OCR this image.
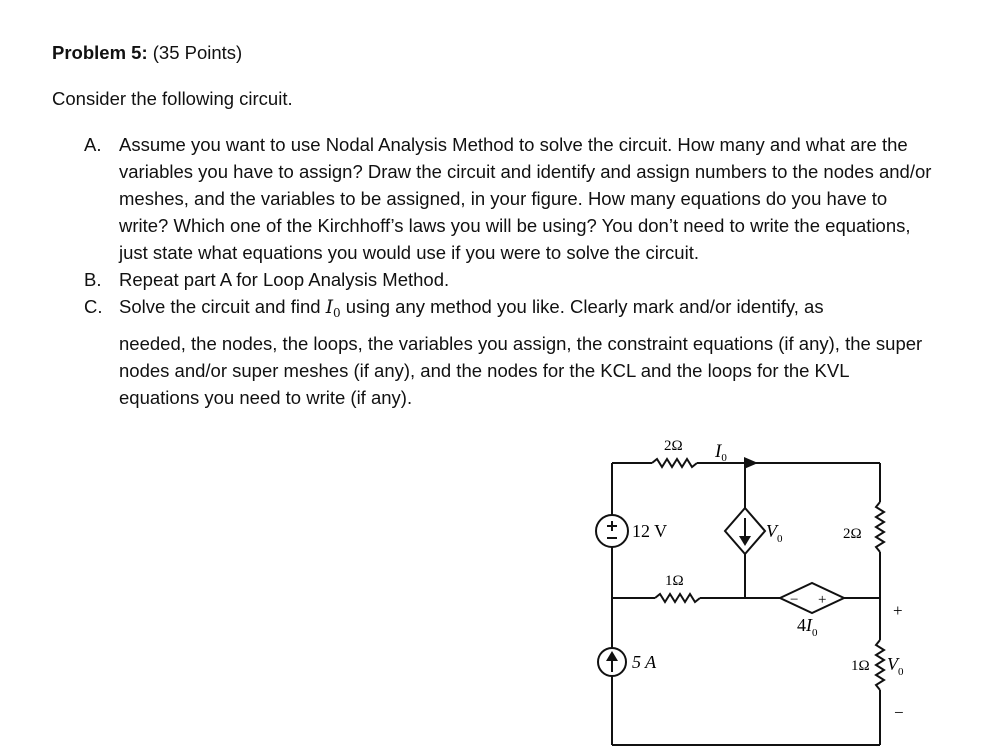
Problem 5: (35 Points)
Consider the following circuit.
A. Assume you want to use Nodal Analysis Method to solve the circuit. How many and what are the variables you have to assign? Draw the circuit and identify and assign numbers to the nodes and/or meshes, and the variables to be assigned, in your figure. How many equations do you have to write? Which one of the Kirchhoff’s laws you will be using? You don’t need to write the equations, just state what equations you would use if you were to solve the circuit.
B. Repeat part A for Loop Analysis Method.
C. Solve the circuit and find $I_0$ using any method you like. Clearly mark and/or identify, as
needed, the nodes, the loops, the variables you assign, the constraint equations (if any), the super nodes and/or super meshes (if any), and the nodes for the KCL and the loops for the KVL equations you need to write (if any).
2Ω $I_0$
12 V	$V_0$	2Ω
1Ω
− +
$4I_0$
5 A
+
1Ω $V_0$
−
